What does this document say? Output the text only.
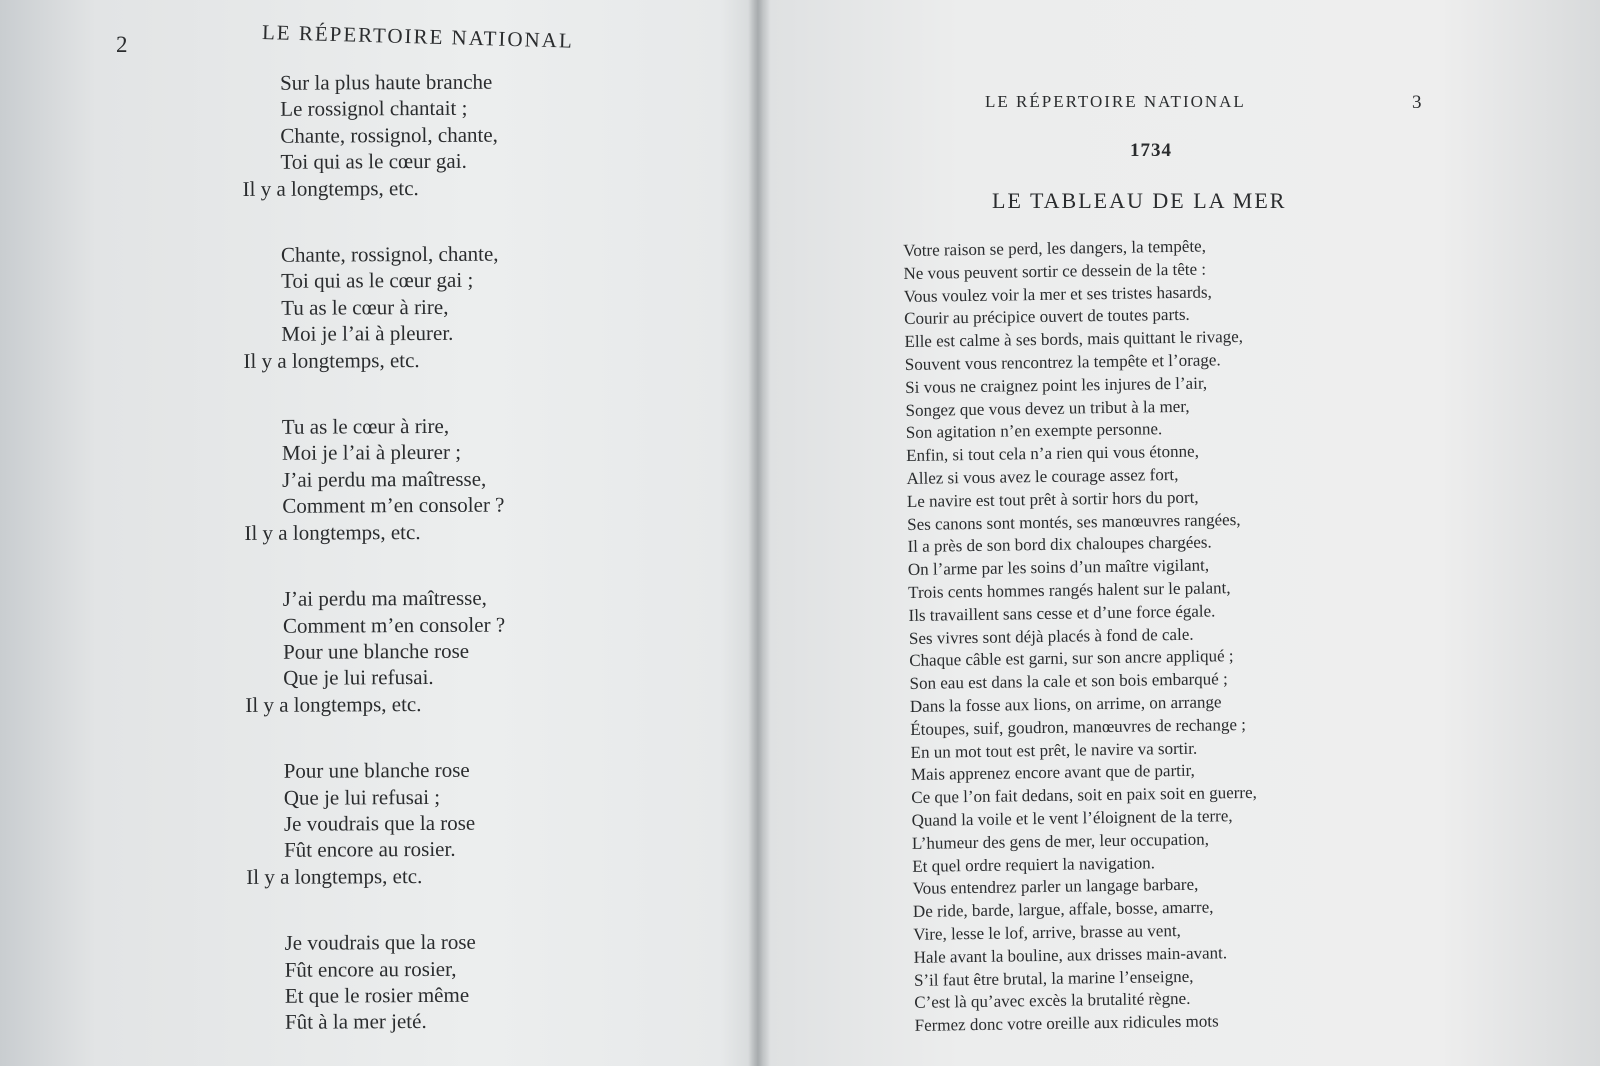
2	LE RÉPERTOIRE NATIONAL
Sur la plus haute branche
Le rossignol chantait ;
Chante, rossignol, chante,
Toi qui as le cœur gai.
Il y a longtemps, etc.
Chante, rossignol, chante,
Toi qui as le cœur gai ;
Tu as le cœur à rire,
Moi je l’ai à pleurer.
Il y a longtemps, etc.
Tu as le cœur à rire,
Moi je l’ai à pleurer ;
J’ai perdu ma maîtresse,
Comment m’en consoler ?
Il y a longtemps, etc.
J’ai perdu ma maîtresse,
Comment m’en consoler ?
Pour une blanche rose
Que je lui refusai.
Il y a longtemps, etc.
Pour une blanche rose
Que je lui refusai ;
Je voudrais que la rose
Fût encore au rosier.
Il y a longtemps, etc.
Je voudrais que la rose
Fût encore au rosier,
Et que le rosier même
Fût à la mer jeté.
LE RÉPERTOIRE NATIONAL	3
1734
LE TABLEAU DE LA MER
Votre raison se perd, les dangers, la tempête,
Ne vous peuvent sortir ce dessein de la tête :
Vous voulez voir la mer et ses tristes hasards,
Courir au précipice ouvert de toutes parts.
Elle est calme à ses bords, mais quittant le rivage,
Souvent vous rencontrez la tempête et l’orage.
Si vous ne craignez point les injures de l’air,
Songez que vous devez un tribut à la mer,
Son agitation n’en exempte personne.
Enfin, si tout cela n’a rien qui vous étonne,
Allez si vous avez le courage assez fort,
Le navire est tout prêt à sortir hors du port,
Ses canons sont montés, ses manœuvres rangées,
Il a près de son bord dix chaloupes chargées.
On l’arme par les soins d’un maître vigilant,
Trois cents hommes rangés halent sur le palant,
Ils travaillent sans cesse et d’une force égale.
Ses vivres sont déjà placés à fond de cale.
Chaque câble est garni, sur son ancre appliqué ;
Son eau est dans la cale et son bois embarqué ;
Dans la fosse aux lions, on arrime, on arrange
Étoupes, suif, goudron, manœuvres de rechange ;
En un mot tout est prêt, le navire va sortir.
Mais apprenez encore avant que de partir,
Ce que l’on fait dedans, soit en paix soit en guerre,
Quand la voile et le vent l’éloignent de la terre,
L’humeur des gens de mer, leur occupation,
Et quel ordre requiert la navigation.
Vous entendrez parler un langage barbare,
De ride, barde, largue, affale, bosse, amarre,
Vire, lesse le lof, arrive, brasse au vent,
Hale avant la bouline, aux drisses main-avant.
S’il faut être brutal, la marine l’enseigne,
C’est là qu’avec excès la brutalité règne.
Fermez donc votre oreille aux ridicules mots
